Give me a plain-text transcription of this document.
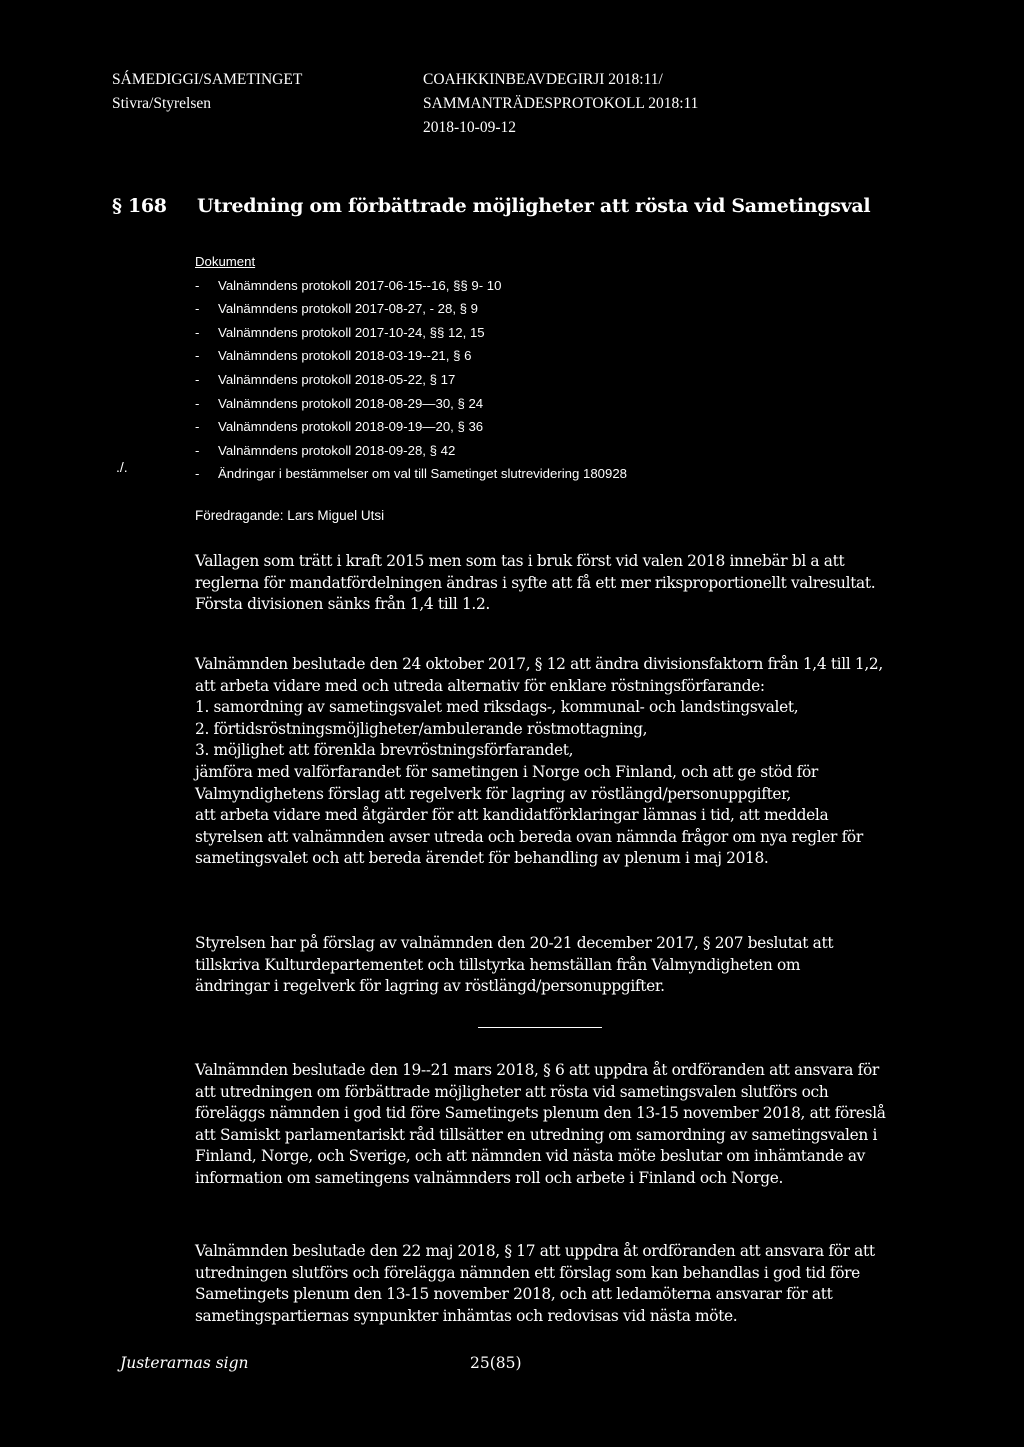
SÁMEDIGGI/SAMETINGET
Stivra/Styrelsen
COAHKKINBEAVDEGIRJI 2018:11/
SAMMANTRÄDESPROTOKOLL 2018:11
2018-10-09-12
§ 168 Utredning om förbättrade möjligheter att rösta vid Sametingsval
Dokument
- Valnämndens protokoll 2017-06-15--16, §§ 9- 10
- Valnämndens protokoll 2017-08-27, - 28, § 9
- Valnämndens protokoll 2017-10-24, §§ 12, 15
- Valnämndens protokoll 2018-03-19--21, § 6
- Valnämndens protokoll 2018-05-22, § 17
- Valnämndens protokoll 2018-08-29—30, § 24
- Valnämndens protokoll 2018-09-19—20, § 36
- Valnämndens protokoll 2018-09-28, § 42
- Ändringar i bestämmelser om val till Sametinget slutrevidering 180928
./.
Föredragande: Lars Miguel Utsi
Vallagen som trätt i kraft 2015 men som tas i bruk först vid valen 2018 innebär bl a att
reglerna för mandatfördelningen ändras i syfte att få ett mer riksproportionellt valresultat.
Första divisionen sänks från 1,4 till 1.2.
Valnämnden beslutade den 24 oktober 2017, § 12 att ändra divisionsfaktorn från 1,4 till 1,2,
att arbeta vidare med och utreda alternativ för enklare röstningsförfarande:
1. samordning av sametingsvalet med riksdags-, kommunal- och landstingsvalet,
2. förtidsröstningsmöjligheter/ambulerande röstmottagning,
3. möjlighet att förenkla brevröstningsförfarandet,
jämföra med valförfarandet för sametingen i Norge och Finland, och att ge stöd för
Valmyndighetens förslag att regelverk för lagring av röstlängd/personuppgifter,
att arbeta vidare med åtgärder för att kandidatförklaringar lämnas i tid, att meddela
styrelsen att valnämnden avser utreda och bereda ovan nämnda frågor om nya regler för
sametingsvalet och att bereda ärendet för behandling av plenum i maj 2018.
Styrelsen har på förslag av valnämnden den 20-21 december 2017, § 207 beslutat att
tillskriva Kulturdepartementet och tillstyrka hemställan från Valmyndigheten om
ändringar i regelverk för lagring av röstlängd/personuppgifter.
Valnämnden beslutade den 19--21 mars 2018, § 6 att uppdra åt ordföranden att ansvara för
att utredningen om förbättrade möjligheter att rösta vid sametingsvalen slutförs och
föreläggs nämnden i god tid före Sametingets plenum den 13-15 november 2018, att föreslå
att Samiskt parlamentariskt råd tillsätter en utredning om samordning av sametingsvalen i
Finland, Norge, och Sverige, och att nämnden vid nästa möte beslutar om inhämtande av
information om sametingens valnämnders roll och arbete i Finland och Norge.
Valnämnden beslutade den 22 maj 2018, § 17 att uppdra åt ordföranden att ansvara för att
utredningen slutförs och förelägga nämnden ett förslag som kan behandlas i god tid före
Sametingets plenum den 13-15 november 2018, och att ledamöterna ansvarar för att
sametingspartiernas synpunkter inhämtas och redovisas vid nästa möte.
Justerarnas sign	25(85)
